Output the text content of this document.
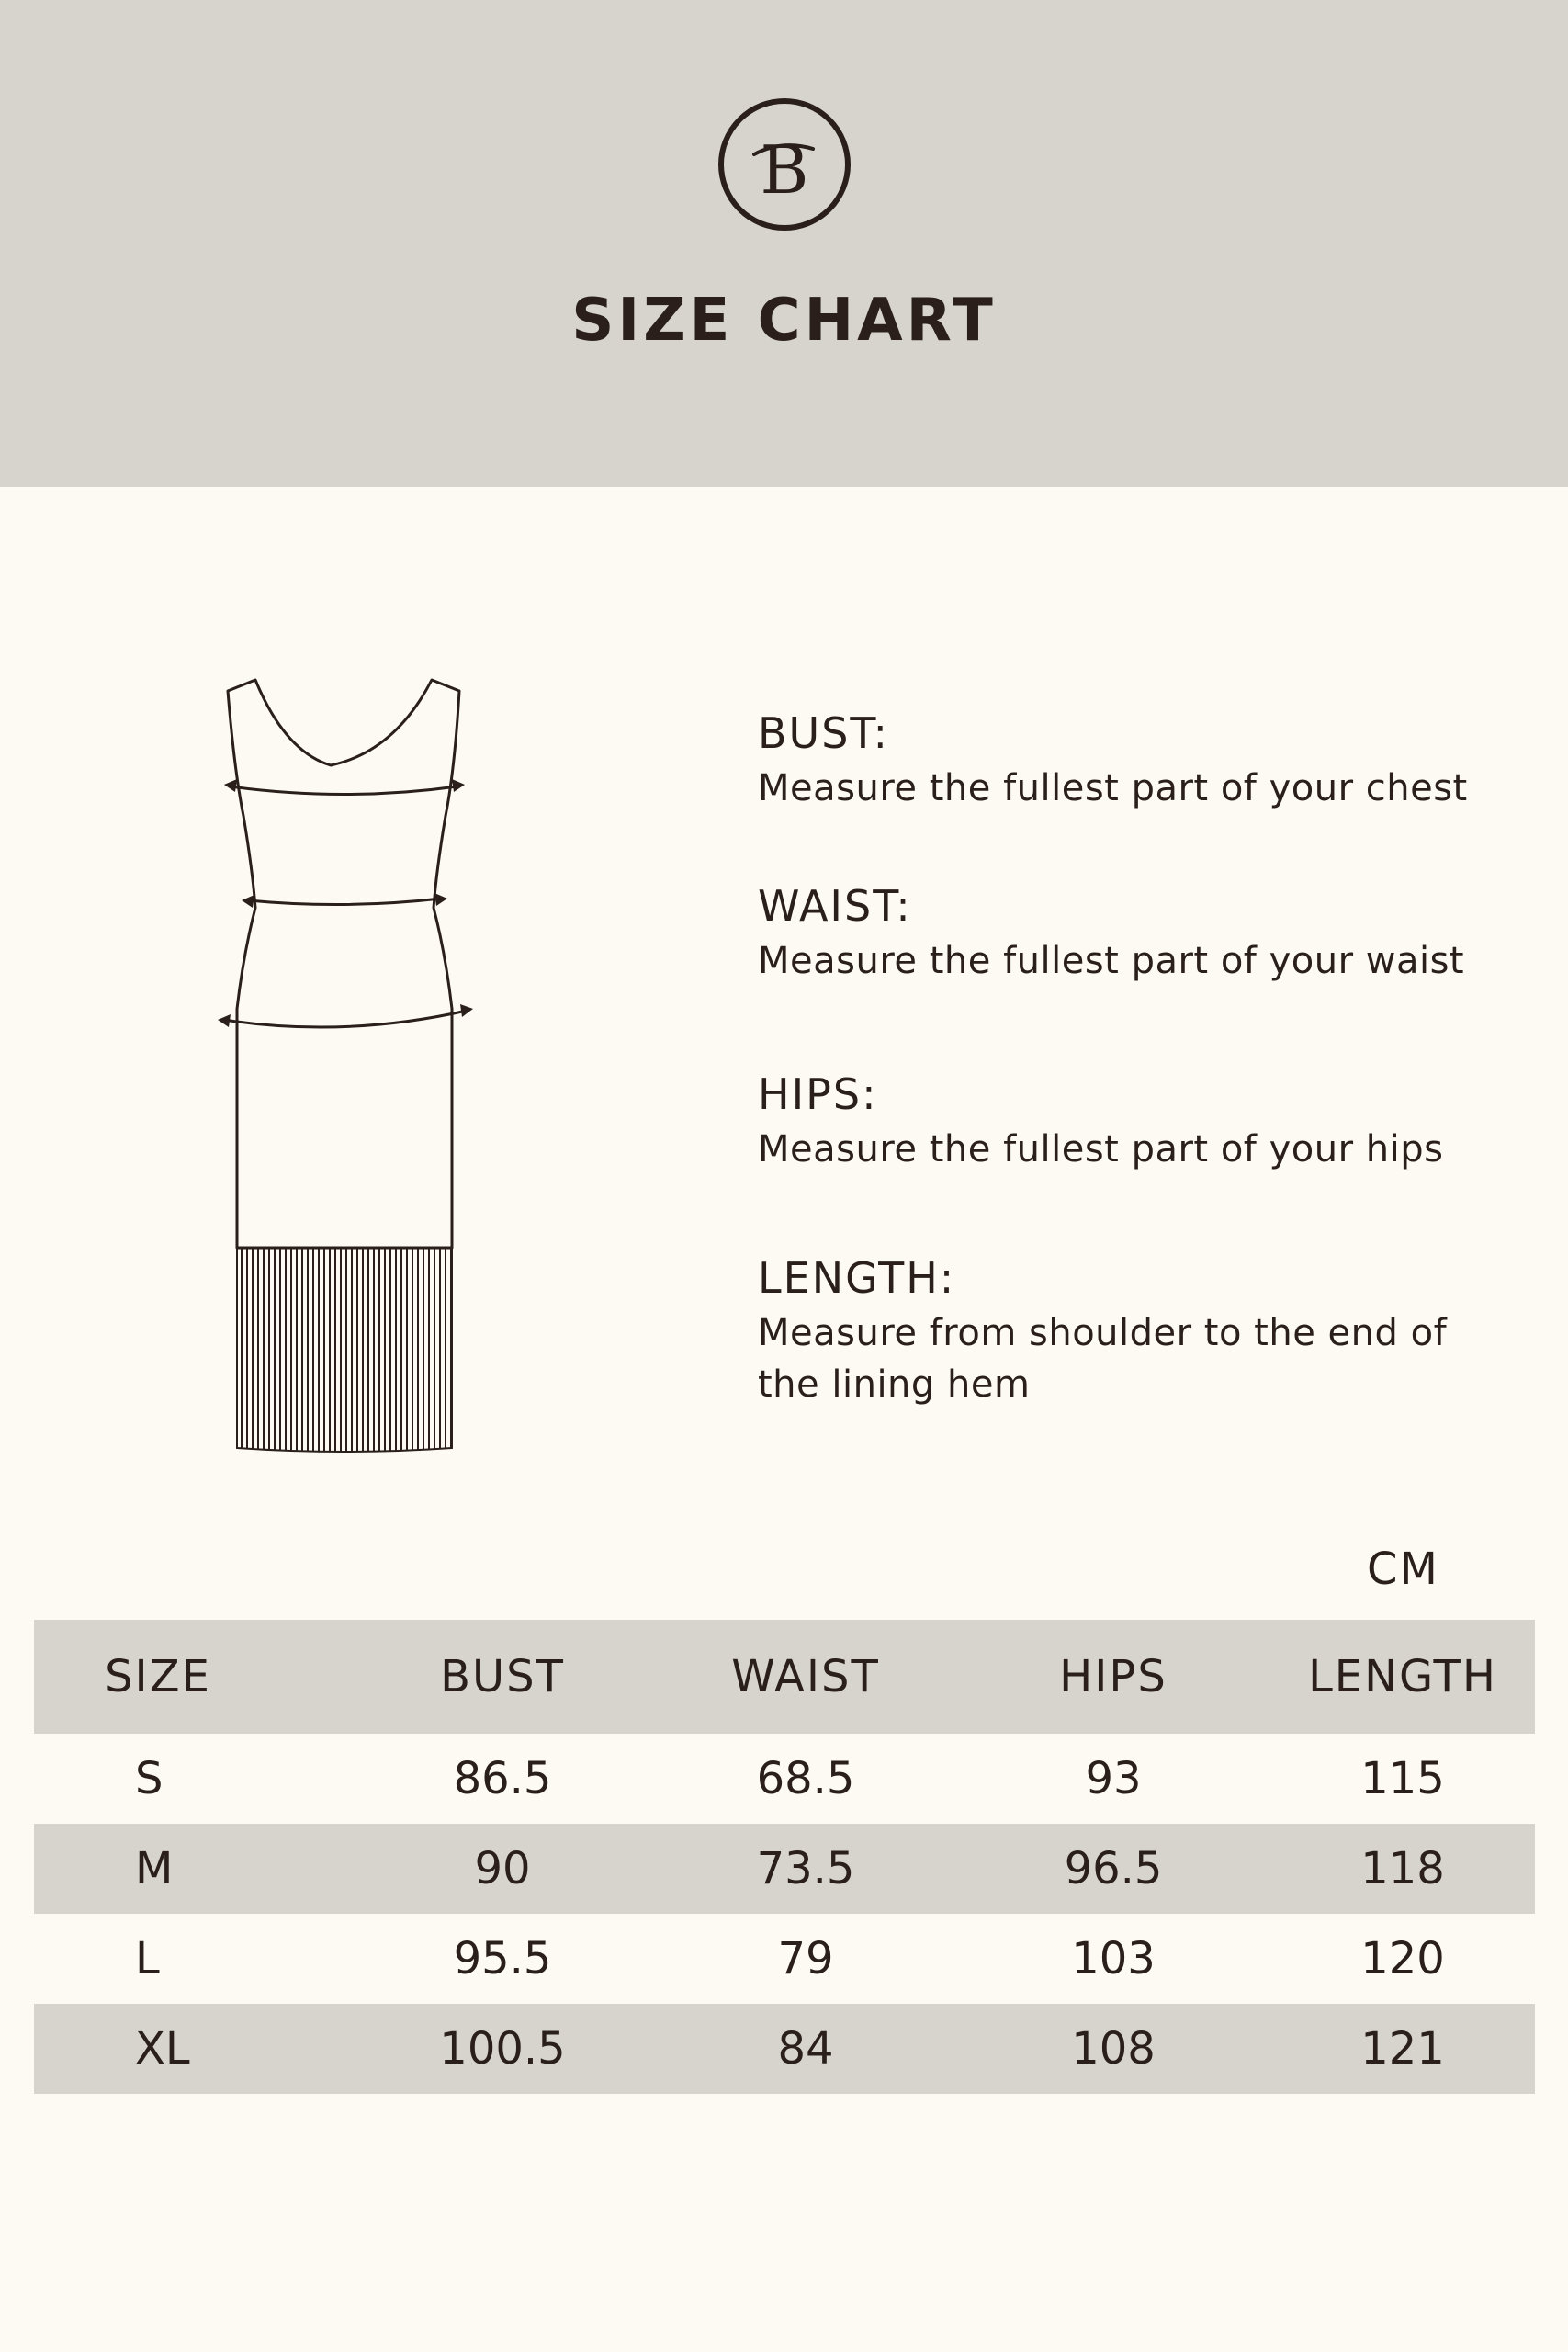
B
SIZE CHART

BUST:

Measure the fullest part of your chest

WAIST:

Measure the fullest part of your waist

HIPS:

Measure the fullest part of your hips

LENGTH:

Measure from shoulder to the end of

the lining hem

CM
SIZE	BUST	WAIST	HIPS	LENGTH
S	86.5	68.5	93	115
M	90	73.5	96.5	118
L	95.5	79	103	120
XL	100.5	84	108	121
